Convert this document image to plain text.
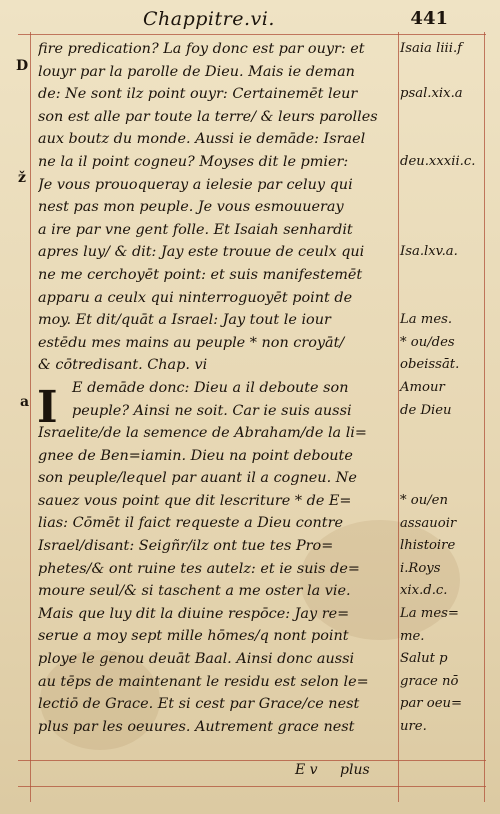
Chappitre.vi.	441
D
a
ž
I
fire predication? La foy donc est par ouyr: et
louyr par la parolle de Dieu. Mais ie deman
de: Ne sont ilz point ouyr: Certainemēt leur
son est alle par toute la terre/ & leurs parolles
aux boutz du monde. Aussi ie demāde: Israel
ne la il point cogneu? Moyses dit le pmier:
Je vous prouoqueray a ielesie par celuy qui
nest pas mon peuple. Je vous esmouueray
a ire par vne gent folle. Et Isaiah senhardit
apres luy/ & dit: Jay este trouue de ceulx qui
ne me cerchoyēt point: et suis manifestemēt
apparu a ceulx qui ninterroguoyēt point de
moy. Et dit/quāt a Israel: Jay tout le iour
estēdu mes mains au peuple * non croyāt/
& cōtredisant. Chap. vi
E demāde donc: Dieu a il deboute son
peuple? Ainsi ne soit. Car ie suis aussi
Israelite/de la semence de Abraham/de la li=
gnee de Ben=iamin. Dieu na point deboute
son peuple/lequel par auant il a cogneu. Ne
sauez vous point que dit lescriture * de E=
lias: Cōmēt il faict requeste a Dieu contre
Israel/disant: Seigñr/ilz ont tue tes Pro=
phetes/& ont ruine tes autelz: et ie suis de=
moure seul/& si taschent a me oster la vie.
Mais que luy dit la diuine respōce: Jay re=
serue a moy sept mille hōmes/q nont point
ploye le genou deuāt Baal. Ainsi donc aussi
au tēps de maintenant le residu est selon le=
lectiō de Grace. Et si cest par Grace/ce nest
plus par les oeuures. Autrement grace nest
Isaia liii.f
psal.xix.a
deu.xxxii.c.
Isa.lxv.a.
La mes.
* ou/des
obeissāt.
Amour
de Dieu
* ou/en
assauoir
lhistoire
i.Roys
xix.d.c.
La mes=
me.
Salut p
grace nō
par oeu=
ure.
E v plus
